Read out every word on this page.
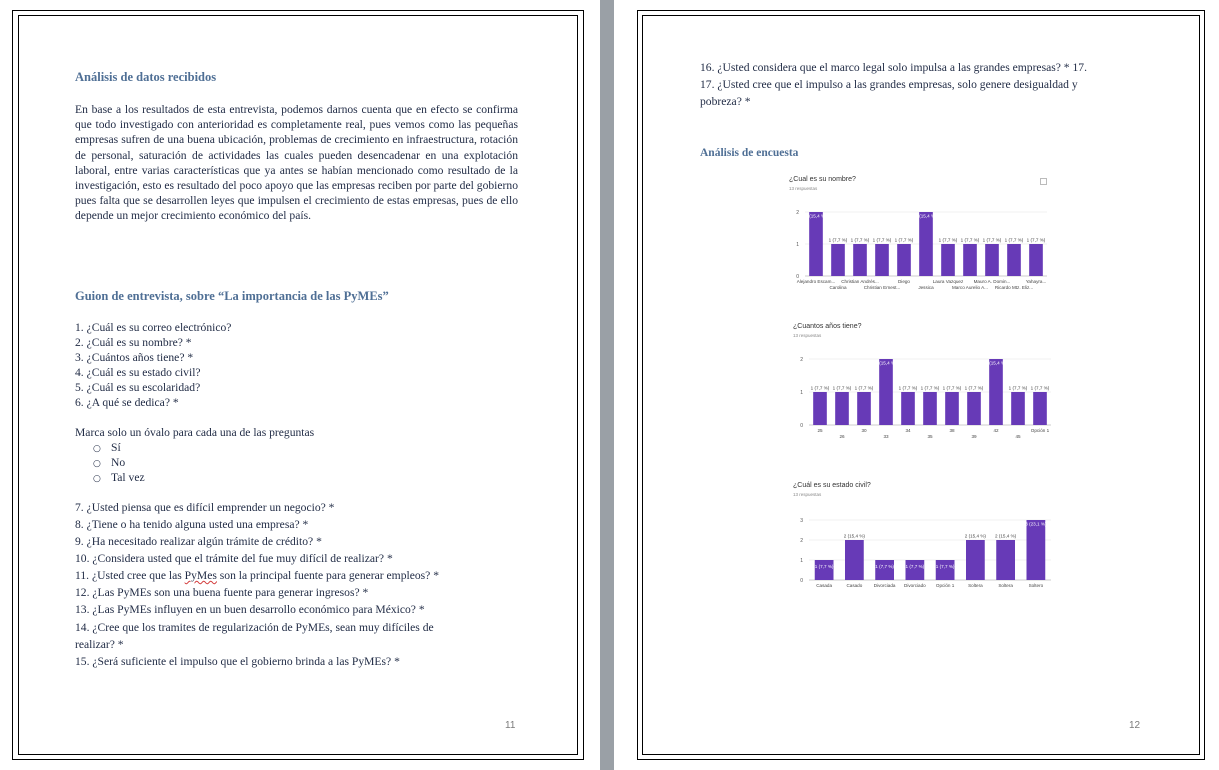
Análisis de datos recibidos
En base a los resultados de esta entrevista, podemos darnos cuenta que en efecto se confirma que todo investigado con anterioridad es completamente real, pues vemos como las pequeñas empresas sufren de una buena ubicación, problemas de crecimiento en infraestructura, rotación de personal, saturación de actividades las cuales pueden desencadenar en una explotación laboral, entre varias características que ya antes se habían mencionado como resultado de la investigación, esto es resultado del poco apoyo que las empresas reciben por parte del gobierno pues falta que se desarrollen leyes que impulsen el crecimiento de estas empresas, pues de ello depende un mejor crecimiento económico del país.
Guion de entrevista, sobre “La importancia de las PyMEs”
1. ¿Cuál es su correo electrónico?
2. ¿Cuál es su nombre? *
3. ¿Cuántos años tiene? *
4. ¿Cuál es su estado civil?
5. ¿Cuál es su escolaridad?
6. ¿A qué se dedica? *
Marca solo un óvalo para cada una de las preguntas
○ Sí
○ No
○ Tal vez
7. ¿Usted piensa que es difícil emprender un negocio? *
8. ¿Tiene o ha tenido alguna usted una empresa? *
9. ¿Ha necesitado realizar algún trámite de crédito? *
10. ¿Considera usted que el trámite del fue muy difícil de realizar? *
11. ¿Usted cree que las PyMes son la principal fuente para generar empleos? *
12. ¿Las PyMEs son una buena fuente para generar ingresos? *
13. ¿Las PyMEs influyen en un buen desarrollo económico para México? *
14. ¿Cree que los tramites de regularización de PyMEs, sean muy difíciles de
realizar? *
15. ¿Será suficiente el impulso que el gobierno brinda a las PyMEs? *
11
16. ¿Usted considera que el marco legal solo impulsa a las grandes empresas? * 17.
17. ¿Usted cree que el impulso a las grandes empresas, solo genere desigualdad y
pobreza? *
Análisis de encuesta
¿Cual es su nombre?
13 respuestas
0
1
2 2 (15,4 %)
Alejandro Escam...
1 (7,7 %)
Carolina
1 (7,7 %)
Christian Andrés...
1 (7,7 %)
Christian Ernest...
1 (7,7 %)
Diego
2 (15,4 %)
Jessica
1 (7,7 %)
Laura Vazquez
1 (7,7 %)
Marco Aurelio A...
1 (7,7 %)
Mauro A. Domin...
1 (7,7 %)
Ricardo Mtz. Eliz...
1 (7,7 %)
Yahayra...
¿Cuantos años tiene?
13 respuestas
0
1
2
1 (7,7 %)
25
1 (7,7 %)
26
1 (7,7 %)
30
2 (15,4 %)
33
1 (7,7 %)
34
1 (7,7 %)
35
1 (7,7 %)
38
1 (7,7 %)
39
2 (15,4 %)
42
1 (7,7 %)
45
1 (7,7 %)
Opción 1
¿Cuál es su estado civil?
13 respuestas
0
1
2
3
1 (7,7 %)
Casada
2 (15,4 %)
Casado
1 (7,7 %)
Divorciada
1 (7,7 %)
Divorciado
1 (7,7 %)
Opción 1
2 (15,4 %)
Soltera
2 (15,4 %)
Soltera
3 (23,1 %)
Soltero
12
